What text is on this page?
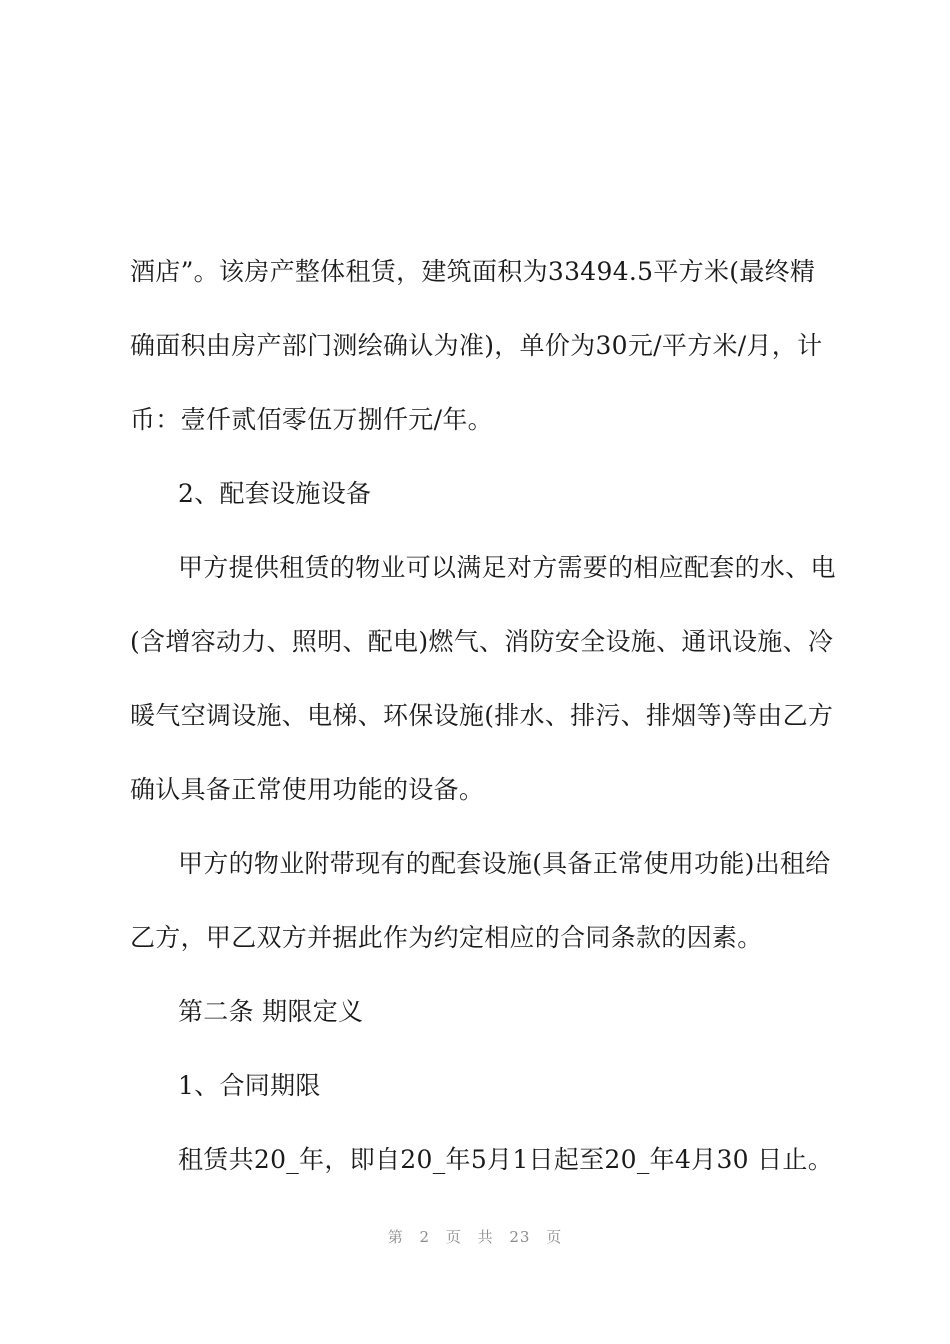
酒店”。该房产整体租赁，建筑面积为33494.5平方米(最终精
确面积由房产部门测绘确认为准)，单价为30元/平方米/月，计
币：壹仟贰佰零伍万捌仟元/年。
2、配套设施设备
甲方提供租赁的物业可以满足对方需要的相应配套的水、电
(含增容动力、照明、配电)燃气、消防安全设施、通讯设施、冷
暖气空调设施、电梯、环保设施(排水、排污、排烟等)等由乙方
确认具备正常使用功能的设备。
甲方的物业附带现有的配套设施(具备正常使用功能)出租给
乙方，甲乙双方并据此作为约定相应的合同条款的因素。
第二条 期限定义
1、合同期限
租赁共20_年，即自20_年5月1日起至20_年4月30 日止。
第 2 页 共 23 页
